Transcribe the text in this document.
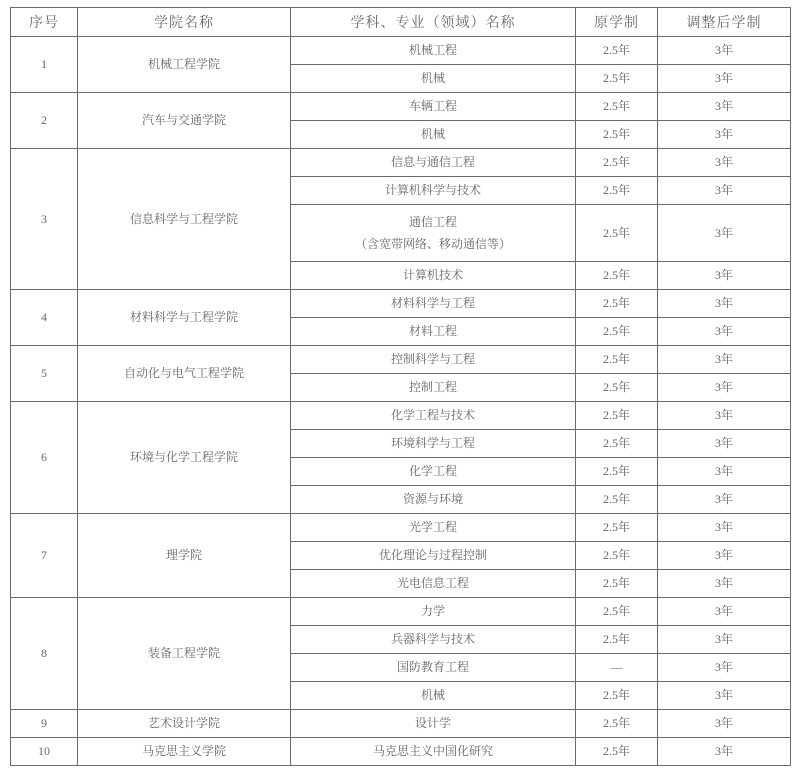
序号	学院名称	学科、专业（领域）名称	原学制	调整后学制
1	机械工程学院	机械工程	2.5年	3年

		机械	2.5年	3年
2	汽车与交通学院	车辆工程	2.5年	3年

		机械	2.5年	3年
3	信息科学与工程学院	信息与通信工程	2.5年	3年

		计算机科学与技术	2.5年	3年

		通信工程
（含宽带网络、移动通信等）	2.5年	3年

		计算机技术	2.5年	3年
4	材料科学与工程学院	材料科学与工程	2.5年	3年

		材料工程	2.5年	3年
5	自动化与电气工程学院	控制科学与工程	2.5年	3年

		控制工程	2.5年	3年
6	环境与化学工程学院	化学工程与技术	2.5年	3年

		环境科学与工程	2.5年	3年

		化学工程	2.5年	3年

		资源与环境	2.5年	3年
7	理学院	光学工程	2.5年	3年

		优化理论与过程控制	2.5年	3年

		光电信息工程	2.5年	3年
8	装备工程学院	力学	2.5年	3年

		兵器科学与技术	2.5年	3年

		国防教育工程	—	3年

		机械	2.5年	3年
9	艺术设计学院	设计学	2.5年	3年
10	马克思主义学院	马克思主义中国化研究	2.5年	3年
